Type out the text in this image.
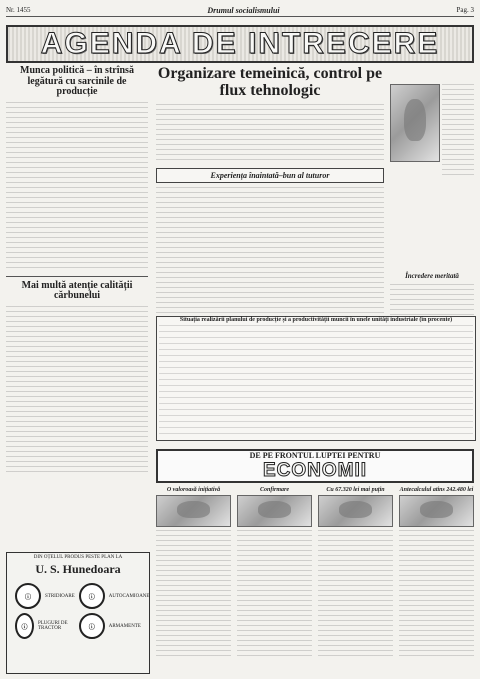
Nr. 1455	Drumul socialismului	Pag. 3
AGENDA DE INTRECERE
Munca politică – în strînsă legătură cu sarcinile de producție
Mai multă atenție calității cărbunelui
Organizare temeinică, control pe flux tehnologic
Experiența înaintată–bun al tuturor
Încredere meritată
Situația realizării planului de producție și a productivității muncii în unele unități industriale (în procente)
DE PE FRONTUL LUPTEI PENTRU
ECONOMII
O valoroasă inițiativă	Confirmare	Cu 67.320 lei mai puțin	Antecalculul atins 242.480 lei
DIN OȚELUL PRODUS PESTE PLAN LA
U. S. Hunedoara
ⓘ	STRIDIOARE	ⓘ	AUTOCAMIOANE
ⓘ
PLUGURI DE TRACTOR	ⓘ	ARMAMENTE
